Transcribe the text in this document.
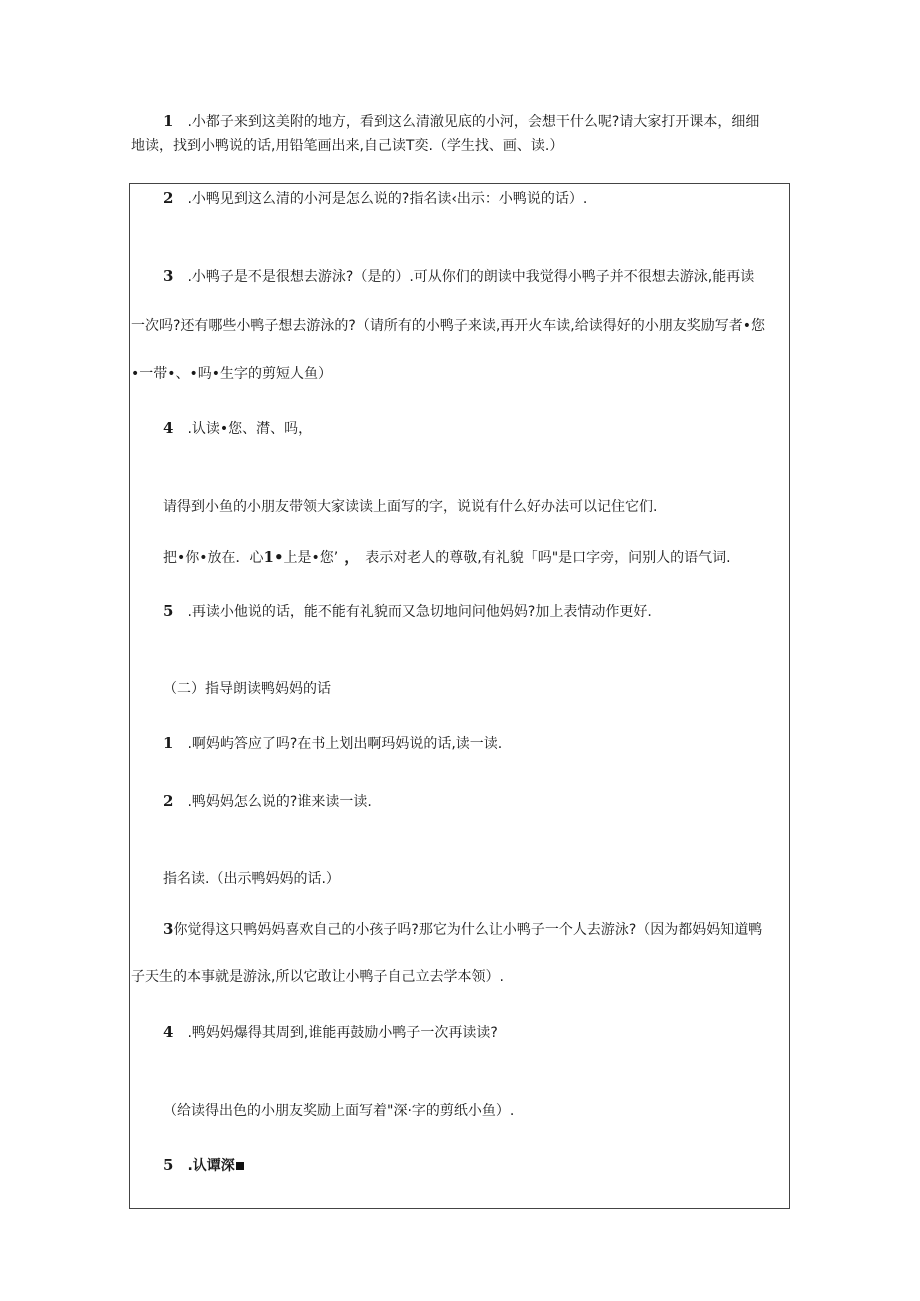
1 .小都子来到这美附的地方，看到这么清澈见底的小河，会想干什么呢?请大家打开课本，细细
地读，找到小鸭说的话,用铅笔画出来,自己读T奕.（学生找、画、读.）
2 .小鸭见到这么清的小河是怎么说的?指名读‹出示：小鸭说的话）.
3 .小鸭子是不是很想去游泳?（是的）.可从你们的朗读中我觉得小鸭子并不很想去游泳,能再读
一次吗?还有哪些小鸭子想去游泳的?（请所有的小鸭子来读,再开火车读,给读得好的小朋友奖励写者•您
•一带•、•吗•生字的剪短人鱼）
4 .认读•您、潸、吗，
请得到小鱼的小朋友带领大家读读上面写的字，说说有什么好办法可以记住它们.
把•你•放在．心1•上是•您’ ， 表示对老人的尊敬,有礼貌「吗"是口字旁，问别人的语气词.
5 .再读小他说的话，能不能有礼貌而又急切地问问他妈妈?加上表情动作更好.
（二）指导朗读鸭妈妈的话
1 .啊妈屿答应了吗?在书上划出啊玛妈说的话,读一读.
2 .鸭妈妈怎么说的?谁来读一读.
指名读.（出示鸭妈妈的话.）
3你觉得这只鸭妈妈喜欢自己的小孩子吗?那它为什么让小鸭子一个人去游泳?（因为都妈妈知道鸭
子天生的本事就是游泳,所以它敢让小鸭子自己立去学本领）.
4 .鸭妈妈爆得其周到,谁能再鼓励小鸭子一次再读读?
（给读得出色的小朋友奖励上面写着"深·字的剪纸小鱼）.
5 .认谭深
